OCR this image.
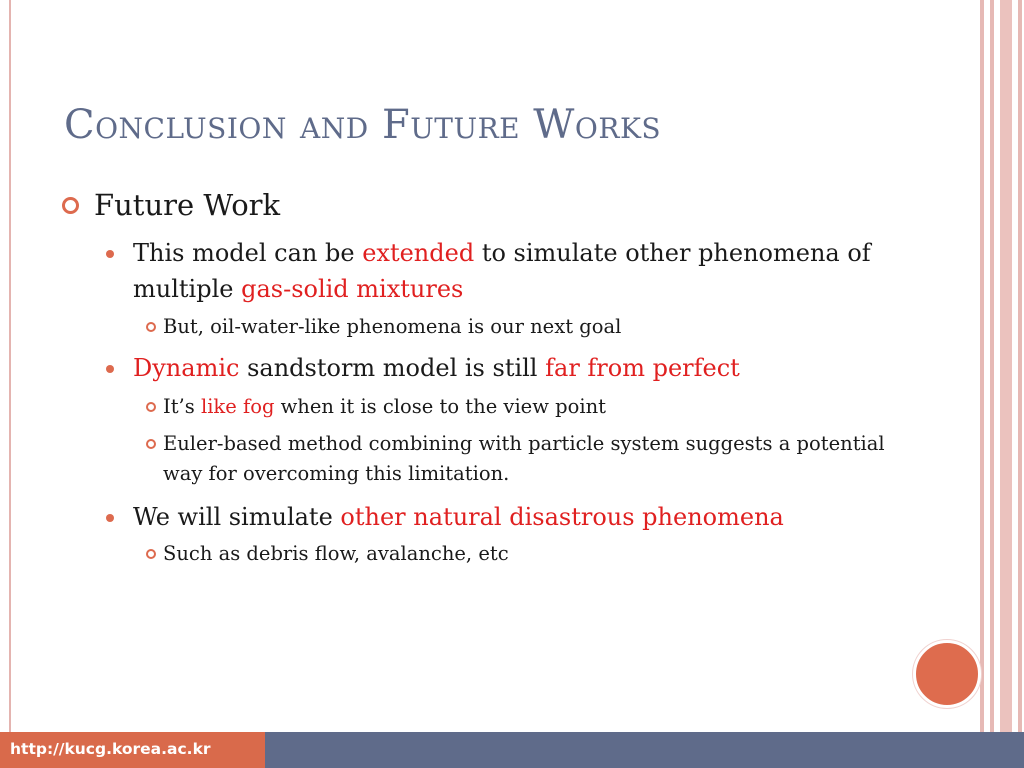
Conclusion and Future Works
Future Work
This model can be extended to simulate other phenomena of multiple gas-solid mixtures
But, oil-water-like phenomena is our next goal
Dynamic sandstorm model is still far from perfect
It’s like fog when it is close to the view point
Euler-based method combining with particle system suggests a potential way for overcoming this limitation.
We will simulate other natural disastrous phenomena
Such as debris flow, avalanche, etc
http://kucg.korea.ac.kr
